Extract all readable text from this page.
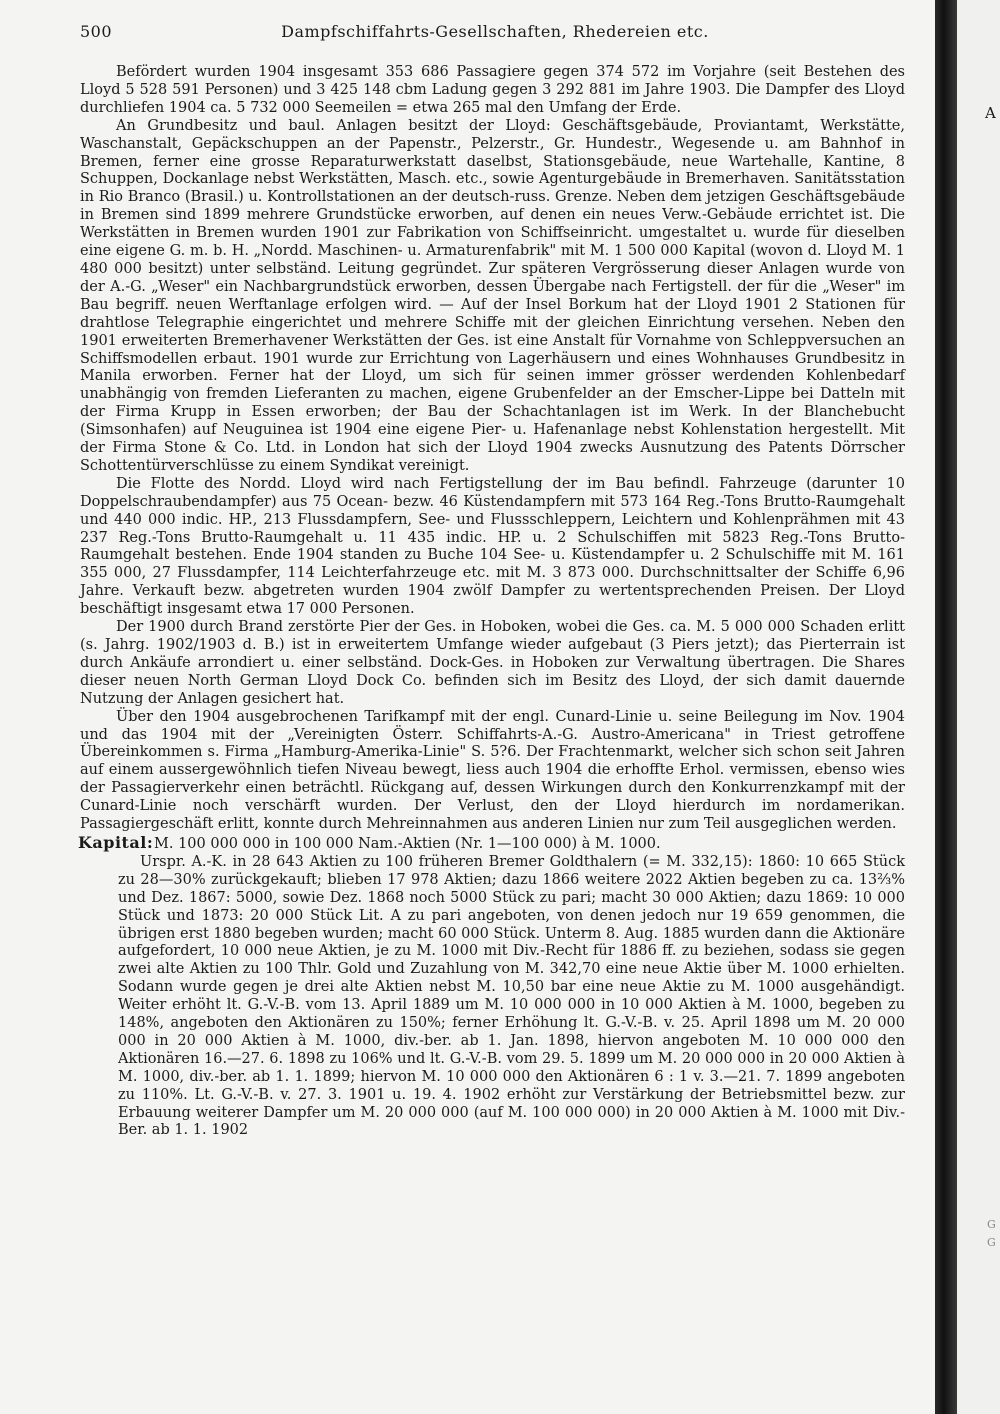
500	Dampfschiffahrts-Gesellschaften, Rhedereien etc.

Befördert wurden 1904 insgesamt 353 686 Passagiere gegen 374 572 im Vorjahre (seit Bestehen des Lloyd 5 528 591 Personen) und 3 425 148 cbm Ladung gegen 3 292 881 im Jahre 1903. Die Dampfer des Lloyd durchliefen 1904 ca. 5 732 000 Seemeilen = etwa 265 mal den Umfang der Erde.

An Grundbesitz und baul. Anlagen besitzt der Lloyd: Geschäftsgebäude, Proviantamt, Werkstätte, Waschanstalt, Gepäckschuppen an der Papenstr., Pelzerstr., Gr. Hundestr., Wegesende u. am Bahnhof in Bremen, ferner eine grosse Reparaturwerkstatt daselbst, Stationsgebäude, neue Wartehalle, Kantine, 8 Schuppen, Dockanlage nebst Werkstätten, Masch. etc., sowie Agenturgebäude in Bremerhaven. Sanitätsstation in Rio Branco (Brasil.) u. Kontrollstationen an der deutsch-russ. Grenze. Neben dem jetzigen Geschäftsgebäude in Bremen sind 1899 mehrere Grundstücke erworben, auf denen ein neues Verw.-Gebäude errichtet ist. Die Werkstätten in Bremen wurden 1901 zur Fabrikation von Schiffseinricht. umgestaltet u. wurde für dieselben eine eigene G. m. b. H. „Nordd. Maschinen- u. Armaturenfabrik" mit M. 1 500 000 Kapital (wovon d. Lloyd M. 1 480 000 besitzt) unter selbständ. Leitung gegründet. Zur späteren Vergrösserung dieser Anlagen wurde von der A.-G. „Weser" ein Nachbargrundstück erworben, dessen Übergabe nach Fertigstell. der für die „Weser" im Bau begriff. neuen Werftanlage erfolgen wird. — Auf der Insel Borkum hat der Lloyd 1901 2 Stationen für drahtlose Telegraphie eingerichtet und mehrere Schiffe mit der gleichen Einrichtung versehen. Neben den 1901 erweiterten Bremerhavener Werkstätten der Ges. ist eine Anstalt für Vornahme von Schleppversuchen an Schiffsmodellen erbaut. 1901 wurde zur Errichtung von Lagerhäusern und eines Wohnhauses Grundbesitz in Manila erworben. Ferner hat der Lloyd, um sich für seinen immer grösser werdenden Kohlenbedarf unabhängig von fremden Lieferanten zu machen, eigene Grubenfelder an der Emscher-Lippe bei Datteln mit der Firma Krupp in Essen erworben; der Bau der Schachtanlagen ist im Werk. In der Blanchebucht (Simsonhafen) auf Neuguinea ist 1904 eine eigene Pier- u. Hafenanlage nebst Kohlenstation hergestellt. Mit der Firma Stone & Co. Ltd. in London hat sich der Lloyd 1904 zwecks Ausnutzung des Patents Dörrscher Schottentürverschlüsse zu einem Syndikat vereinigt.

Die Flotte des Nordd. Lloyd wird nach Fertigstellung der im Bau befindl. Fahrzeuge (darunter 10 Doppelschraubendampfer) aus 75 Ocean- bezw. 46 Küstendampfern mit 573 164 Reg.-Tons Brutto-Raumgehalt und 440 000 indic. HP., 213 Flussdampfern, See- und Flussschleppern, Leichtern und Kohlenprähmen mit 43 237 Reg.-Tons Brutto-Raumgehalt u. 11 435 indic. HP. u. 2 Schulschiffen mit 5823 Reg.-Tons Brutto-Raumgehalt bestehen. Ende 1904 standen zu Buche 104 See- u. Küstendampfer u. 2 Schulschiffe mit M. 161 355 000, 27 Flussdampfer, 114 Leichterfahrzeuge etc. mit M. 3 873 000. Durchschnittsalter der Schiffe 6,96 Jahre. Verkauft bezw. abgetreten wurden 1904 zwölf Dampfer zu wertentsprechenden Preisen. Der Lloyd beschäftigt insgesamt etwa 17 000 Personen.

Der 1900 durch Brand zerstörte Pier der Ges. in Hoboken, wobei die Ges. ca. M. 5 000 000 Schaden erlitt (s. Jahrg. 1902/1903 d. B.) ist in erweitertem Umfange wieder aufgebaut (3 Piers jetzt); das Pierterrain ist durch Ankäufe arrondiert u. einer selbständ. Dock-Ges. in Hoboken zur Verwaltung übertragen. Die Shares dieser neuen North German Lloyd Dock Co. befinden sich im Besitz des Lloyd, der sich damit dauernde Nutzung der Anlagen gesichert hat.

Über den 1904 ausgebrochenen Tarifkampf mit der engl. Cunard-Linie u. seine Beilegung im Nov. 1904 und das 1904 mit der „Vereinigten Österr. Schiffahrts-A.-G. Austro-Americana" in Triest getroffene Übereinkommen s. Firma „Hamburg-Amerika-Linie" S. 5?6. Der Frachtenmarkt, welcher sich schon seit Jahren auf einem aussergewöhnlich tiefen Niveau bewegt, liess auch 1904 die erhoffte Erhol. vermissen, ebenso wies der Passagierverkehr einen beträchtl. Rückgang auf, dessen Wirkungen durch den Konkurrenzkampf mit der Cunard-Linie noch verschärft wurden. Der Verlust, den der Lloyd hierdurch im nordamerikan. Passagiergeschäft erlitt, konnte durch Mehreinnahmen aus anderen Linien nur zum Teil ausgeglichen werden.

Kapital:M. 100 000 000 in 100 000 Nam.-Aktien (Nr. 1—100 000) à M. 1000.

Urspr. A.-K. in 28 643 Aktien zu 100 früheren Bremer Goldthalern (= M. 332,15): 1860: 10 665 Stück zu 28—30% zurückgekauft; blieben 17 978 Aktien; dazu 1866 weitere 2022 Aktien begeben zu ca. 13⅔% und Dez. 1867: 5000, sowie Dez. 1868 noch 5000 Stück zu pari; macht 30 000 Aktien; dazu 1869: 10 000 Stück und 1873: 20 000 Stück Lit. A zu pari angeboten, von denen jedoch nur 19 659 genommen, die übrigen erst 1880 begeben wurden; macht 60 000 Stück. Unterm 8. Aug. 1885 wurden dann die Aktionäre aufgefordert, 10 000 neue Aktien, je zu M. 1000 mit Div.-Recht für 1886 ff. zu beziehen, sodass sie gegen zwei alte Aktien zu 100 Thlr. Gold und Zuzahlung von M. 342,70 eine neue Aktie über M. 1000 erhielten. Sodann wurde gegen je drei alte Aktien nebst M. 10,50 bar eine neue Aktie zu M. 1000 ausgehändigt. Weiter erhöht lt. G.-V.-B. vom 13. April 1889 um M. 10 000 000 in 10 000 Aktien à M. 1000, begeben zu 148%, angeboten den Aktionären zu 150%; ferner Erhöhung lt. G.-V.-B. v. 25. April 1898 um M. 20 000 000 in 20 000 Aktien à M. 1000, div.-ber. ab 1. Jan. 1898, hiervon angeboten M. 10 000 000 den Aktionären 16.—27. 6. 1898 zu 106% und lt. G.-V.-B. vom 29. 5. 1899 um M. 20 000 000 in 20 000 Aktien à M. 1000, div.-ber. ab 1. 1. 1899; hiervon M. 10 000 000 den Aktionären 6 : 1 v. 3.—21. 7. 1899 angeboten zu 110%. Lt. G.-V.-B. v. 27. 3. 1901 u. 19. 4. 1902 erhöht zur Verstärkung der Betriebsmittel bezw. zur Erbauung weiterer Dampfer um M. 20 000 000 (auf M. 100 000 000) in 20 000 Aktien à M. 1000 mit Div.-Ber. ab 1. 1. 1902

A
G
G
